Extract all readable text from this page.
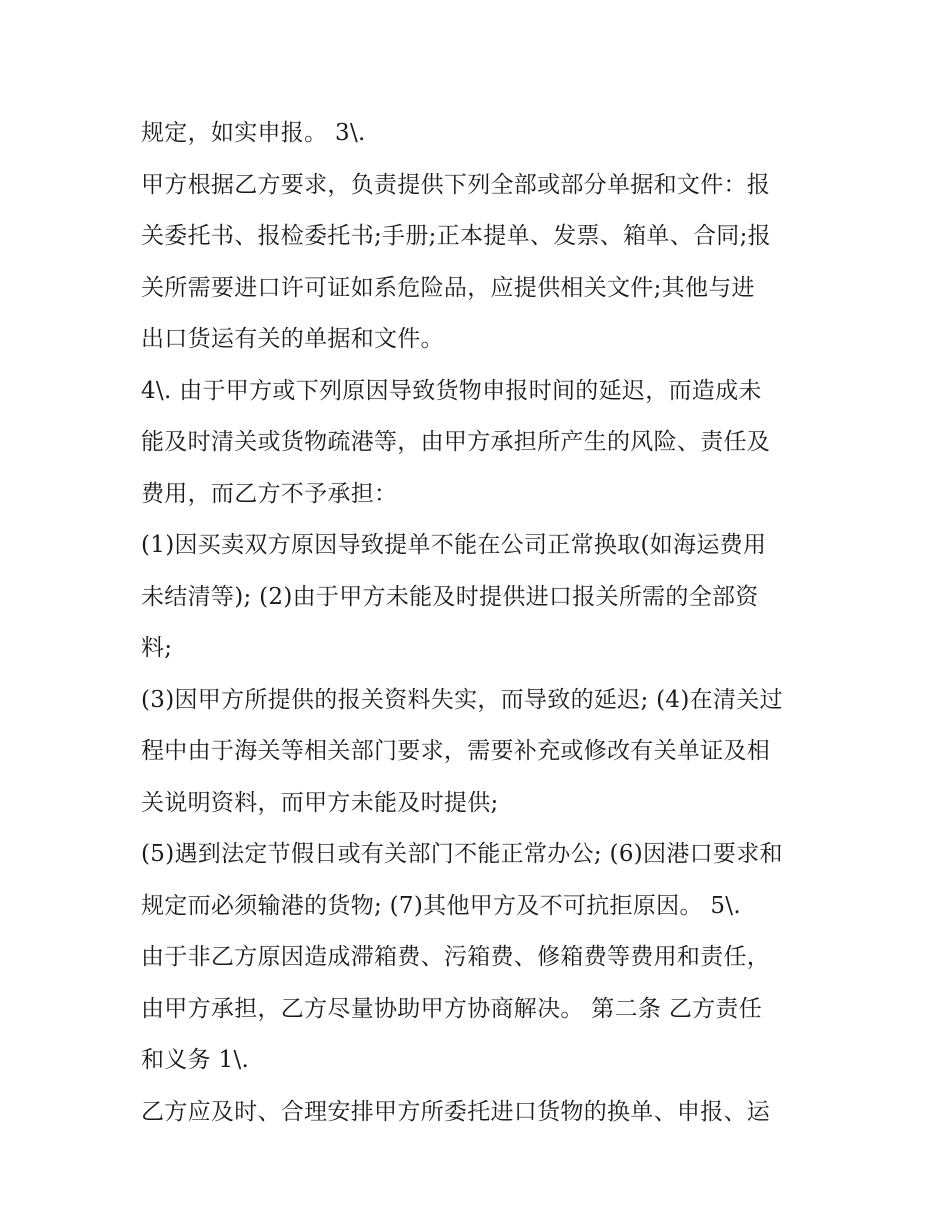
规定，如实申报。 3\.
甲方根据乙方要求，负责提供下列全部或部分单据和文件：报
关委托书、报检委托书;手册;正本提单、发票、箱单、合同;报
关所需要进口许可证如系危险品，应提供相关文件;其他与进
出口货运有关的单据和文件。
4\. 由于甲方或下列原因导致货物申报时间的延迟，而造成未
能及时清关或货物疏港等，由甲方承担所产生的风险、责任及
费用，而乙方不予承担：
(1)因买卖双方原因导致提单不能在公司正常换取(如海运费用
未结清等); (2)由于甲方未能及时提供进口报关所需的全部资
料;
(3)因甲方所提供的报关资料失实，而导致的延迟; (4)在清关过
程中由于海关等相关部门要求，需要补充或修改有关单证及相
关说明资料，而甲方未能及时提供;
(5)遇到法定节假日或有关部门不能正常办公; (6)因港口要求和
规定而必须输港的货物; (7)其他甲方及不可抗拒原因。 5\.
由于非乙方原因造成滞箱费、污箱费、修箱费等费用和责任，
由甲方承担，乙方尽量协助甲方协商解决。 第二条 乙方责任
和义务 1\.
乙方应及时、合理安排甲方所委托进口货物的换单、申报、运
